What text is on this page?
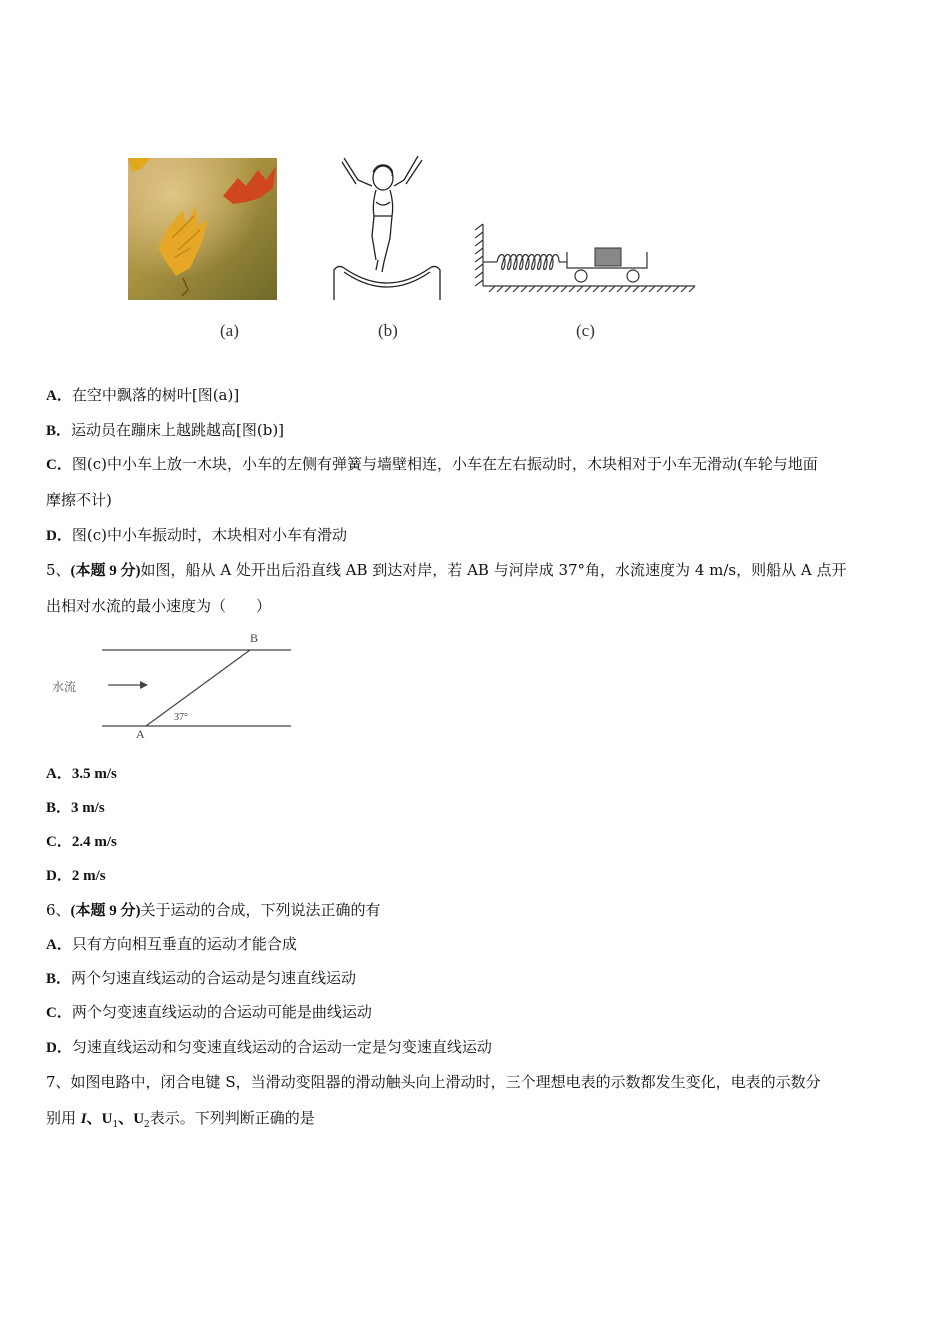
(a)	(b)	(c)
A．在空中飘落的树叶[图(a)]
B．运动员在蹦床上越跳越高[图(b)]
C．图(c)中小车上放一木块，小车的左侧有弹簧与墙壁相连，小车在左右振动时，木块相对于小车无滑动(车轮与地面
摩擦不计)
D．图(c)中小车振动时，木块相对小车有滑动
5、(本题 9 分)如图，船从 A 处开出后沿直线 AB 到达对岸，若 AB 与河岸成 37°角，水流速度为 4 m/s，则船从 A 点开
出相对水流的最小速度为（　　）
水流
B
A
37°
A．3.5 m/s
B．3 m/s
C．2.4 m/s
D．2 m/s
6、(本题 9 分)关于运动的合成，下列说法正确的有
A．只有方向相互垂直的运动才能合成
B．两个匀速直线运动的合运动是匀速直线运动
C．两个匀变速直线运动的合运动可能是曲线运动
D．匀速直线运动和匀变速直线运动的合运动一定是匀变速直线运动
7、如图电路中，闭合电键 S，当滑动变阻器的滑动触头向上滑动时，三个理想电表的示数都发生变化，电表的示数分
别用 I、$U_1$、$U_2$表示。下列判断正确的是
